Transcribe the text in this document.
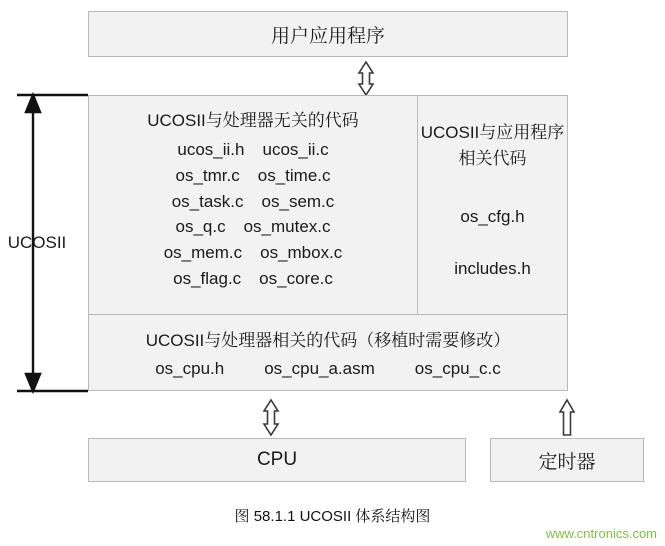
用户应用程序
UCOSII
UCOSII与处理器无关的代码
ucos_ii.h ucos_ii.c
os_tmr.c os_time.c
os_task.c os_sem.c
os_q.c os_mutex.c
os_mem.c os_mbox.c
os_flag.c os_core.c
UCOSII与应用程序
相关代码
os_cfg.h
includes.h
UCOSII与处理器相关的代码（移植时需要修改）
os_cpu.h os_cpu_a.asm os_cpu_c.c
CPU	定时器
图 58.1.1 UCOSII 体系结构图
www.cntronics.com
